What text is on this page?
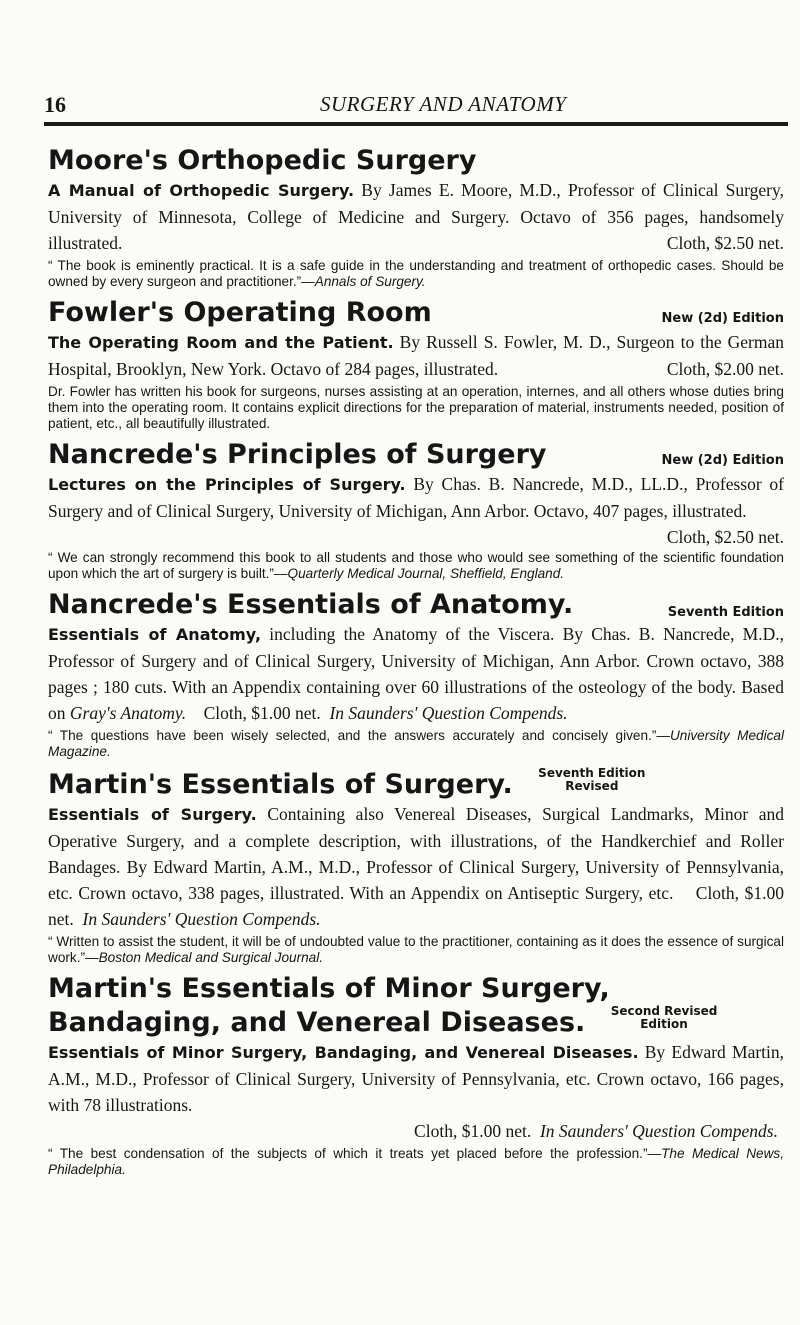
16	SURGERY AND ANATOMY
Moore's Orthopedic Surgery
A Manual of Orthopedic Surgery. By James E. Moore, M.D., Professor of Clinical Surgery, University of Minnesota, College of Medicine and Surgery. Octavo of 356 pages, handsomely illustrated.	Cloth, $2.50 net.
“ The book is eminently practical. It is a safe guide in the understanding and treatment of orthopedic cases. Should be owned by every surgeon and practitioner.”—Annals of Surgery.
Fowler's Operating Room	New (2d) Edition
The Operating Room and the Patient. By Russell S. Fowler, M. D., Surgeon to the German Hospital, Brooklyn, New York. Octavo of 284 pages, illustrated.	Cloth, $2.00 net.
Dr. Fowler has written his book for surgeons, nurses assisting at an operation, internes, and all others whose duties bring them into the operating room. It contains explicit directions for the preparation of material, instruments needed, position of patient, etc., all beautifully illustrated.
Nancrede's Principles of Surgery	New (2d) Edition
Lectures on the Principles of Surgery. By Chas. B. Nancrede, M.D., LL.D., Professor of Surgery and of Clinical Surgery, University of Michigan, Ann Arbor. Octavo, 407 pages, illustrated.
Cloth, $2.50 net.
“ We can strongly recommend this book to all students and those who would see something of the scientific foundation upon which the art of surgery is built.”—Quarterly Medical Journal, Sheffield, England.
Nancrede's Essentials of Anatomy.	Seventh Edition
Essentials of Anatomy, including the Anatomy of the Viscera. By Chas. B. Nancrede, M.D., Professor of Surgery and of Clinical Surgery, University of Michigan, Ann Arbor. Crown octavo, 388 pages ; 180 cuts. With an Appendix containing over 60 illustrations of the osteology of the body. Based on Gray's Anatomy. Cloth, $1.00 net. In Saunders' Question Compends.
“ The questions have been wisely selected, and the answers accurately and concisely given.”—University Medical Magazine.
Martin's Essentials of Surgery. Seventh Edition
Revised
Essentials of Surgery. Containing also Venereal Diseases, Surgical Landmarks, Minor and Operative Surgery, and a complete description, with illustrations, of the Handkerchief and Roller Bandages. By Edward Martin, A.M., M.D., Professor of Clinical Surgery, University of Pennsylvania, etc. Crown octavo, 338 pages, illustrated. With an Appendix on Antiseptic Surgery, etc. Cloth, $1.00 net. In Saunders' Question Compends.
“ Written to assist the student, it will be of undoubted value to the practitioner, containing as it does the essence of surgical work.”—Boston Medical and Surgical Journal.
Martin's Essentials of Minor Surgery, Bandaging, and Venereal Diseases. Second Revised
Edition
Essentials of Minor Surgery, Bandaging, and Venereal Diseases. By Edward Martin, A.M., M.D., Professor of Clinical Surgery, University of Pennsylvania, etc. Crown octavo, 166 pages, with 78 illustrations.
Cloth, $1.00 net. In Saunders' Question Compends.
“ The best condensation of the subjects of which it treats yet placed before the profession.”—The Medical News, Philadelphia.
